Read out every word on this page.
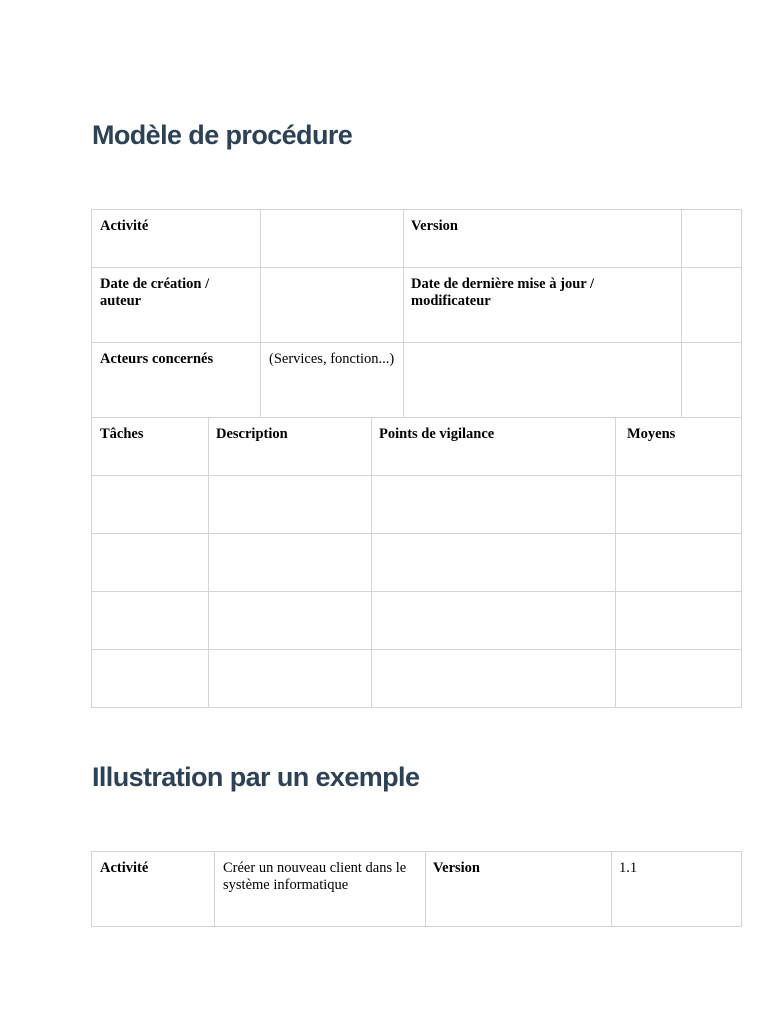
Modèle de procédure
Activité		Version	
Date de création / auteur		Date de dernière mise à jour / modificateur	
Acteurs concernés	(Services, fonction...)		
Tâches	Description	Points de vigilance	Moyens

Illustration par un exemple
Activité	Créer un nouveau client dans le système informatique	Version	1.1
